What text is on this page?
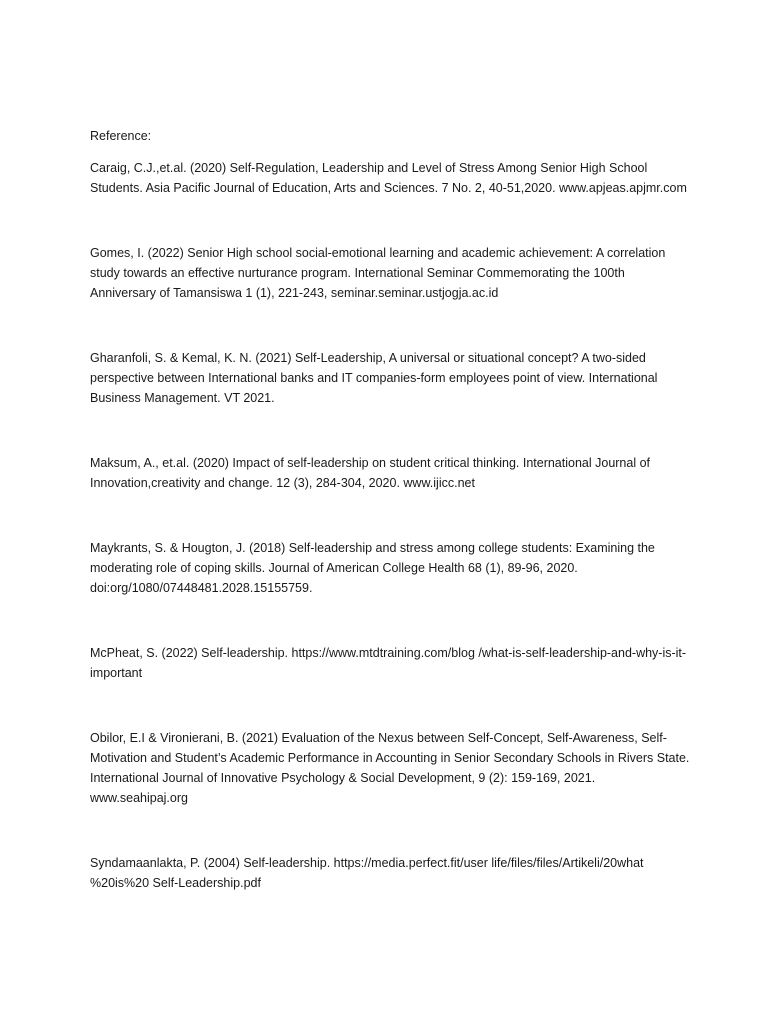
Reference:

Caraig, C.J.,et.al. (2020) Self-Regulation, Leadership and Level of Stress Among Senior High School Students. Asia Pacific Journal of Education, Arts and Sciences. 7 No. 2, 40-51,2020. www.apjeas.apjmr.com
Gomes, I. (2022) Senior High school social-emotional learning and academic achievement: A correlation study towards an effective nurturance program. International Seminar Commemorating the 100th Anniversary of Tamansiswa 1 (1), 221-243, seminar.seminar.ustjogja.ac.id
Gharanfoli, S. & Kemal, K. N. (2021) Self-Leadership, A universal or situational concept? A two-sided perspective between International banks and IT companies-form employees point of view. International Business Management. VT 2021.
Maksum, A., et.al. (2020) Impact of self-leadership on student critical thinking. International Journal of Innovation,creativity and change. 12 (3), 284-304, 2020. www.ijicc.net
Maykrants, S. & Hougton, J. (2018) Self-leadership and stress among college students: Examining the moderating role of coping skills. Journal of American College Health 68 (1), 89-96, 2020. doi:org/1080/07448481.2028.15155759.
McPheat, S. (2022) Self-leadership. https://www.mtdtraining.com/blog /what-is-self-leadership-and-why-is-it-important
Obilor, E.I & Vironierani, B. (2021) Evaluation of the Nexus between Self-Concept, Self-Awareness, Self-Motivation and Student’s Academic Performance in Accounting in Senior Secondary Schools in Rivers State. International Journal of Innovative Psychology & Social Development, 9 (2): 159-169, 2021. www.seahipaj.org
Syndamaanlakta, P. (2004) Self-leadership. https://media.perfect.fit/user life/files/files/Artikeli/20what %20is%20 Self-Leadership.pdf
